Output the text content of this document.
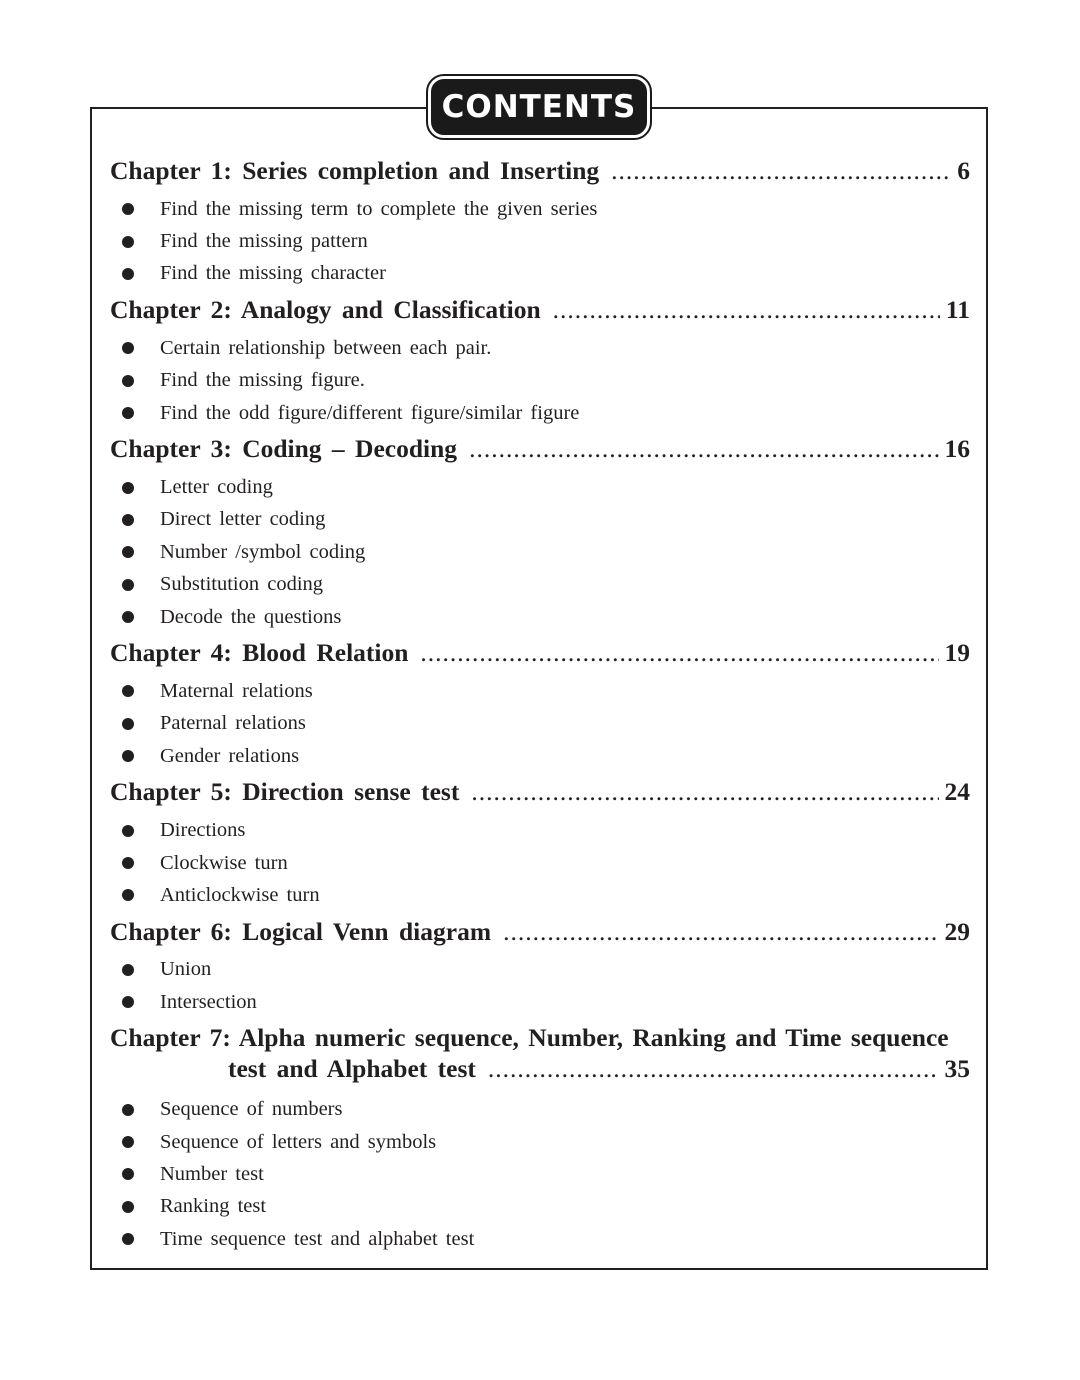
CONTENTS
Chapter 1: Series completion and Inserting .....	6
Find the missing term to complete the given series
Find the missing pattern
Find the missing character
Chapter 2: Analogy and Classification .....	11
Certain relationship between each pair.
Find the missing figure.
Find the odd figure/different figure/similar figure
Chapter 3: Coding – Decoding .....	16
Letter coding
Direct letter coding
Number /symbol coding
Substitution coding
Decode the questions
Chapter 4: Blood Relation .....	19
Maternal relations
Paternal relations
Gender relations
Chapter 5: Direction sense test .....	24
Directions
Clockwise turn
Anticlockwise turn
Chapter 6: Logical Venn diagram .....	29
Union
Intersection
Chapter 7: Alpha numeric sequence, Number, Ranking and Time sequence
test and Alphabet test .....	35
Sequence of numbers
Sequence of letters and symbols
Number test
Ranking test
Time sequence test and alphabet test
